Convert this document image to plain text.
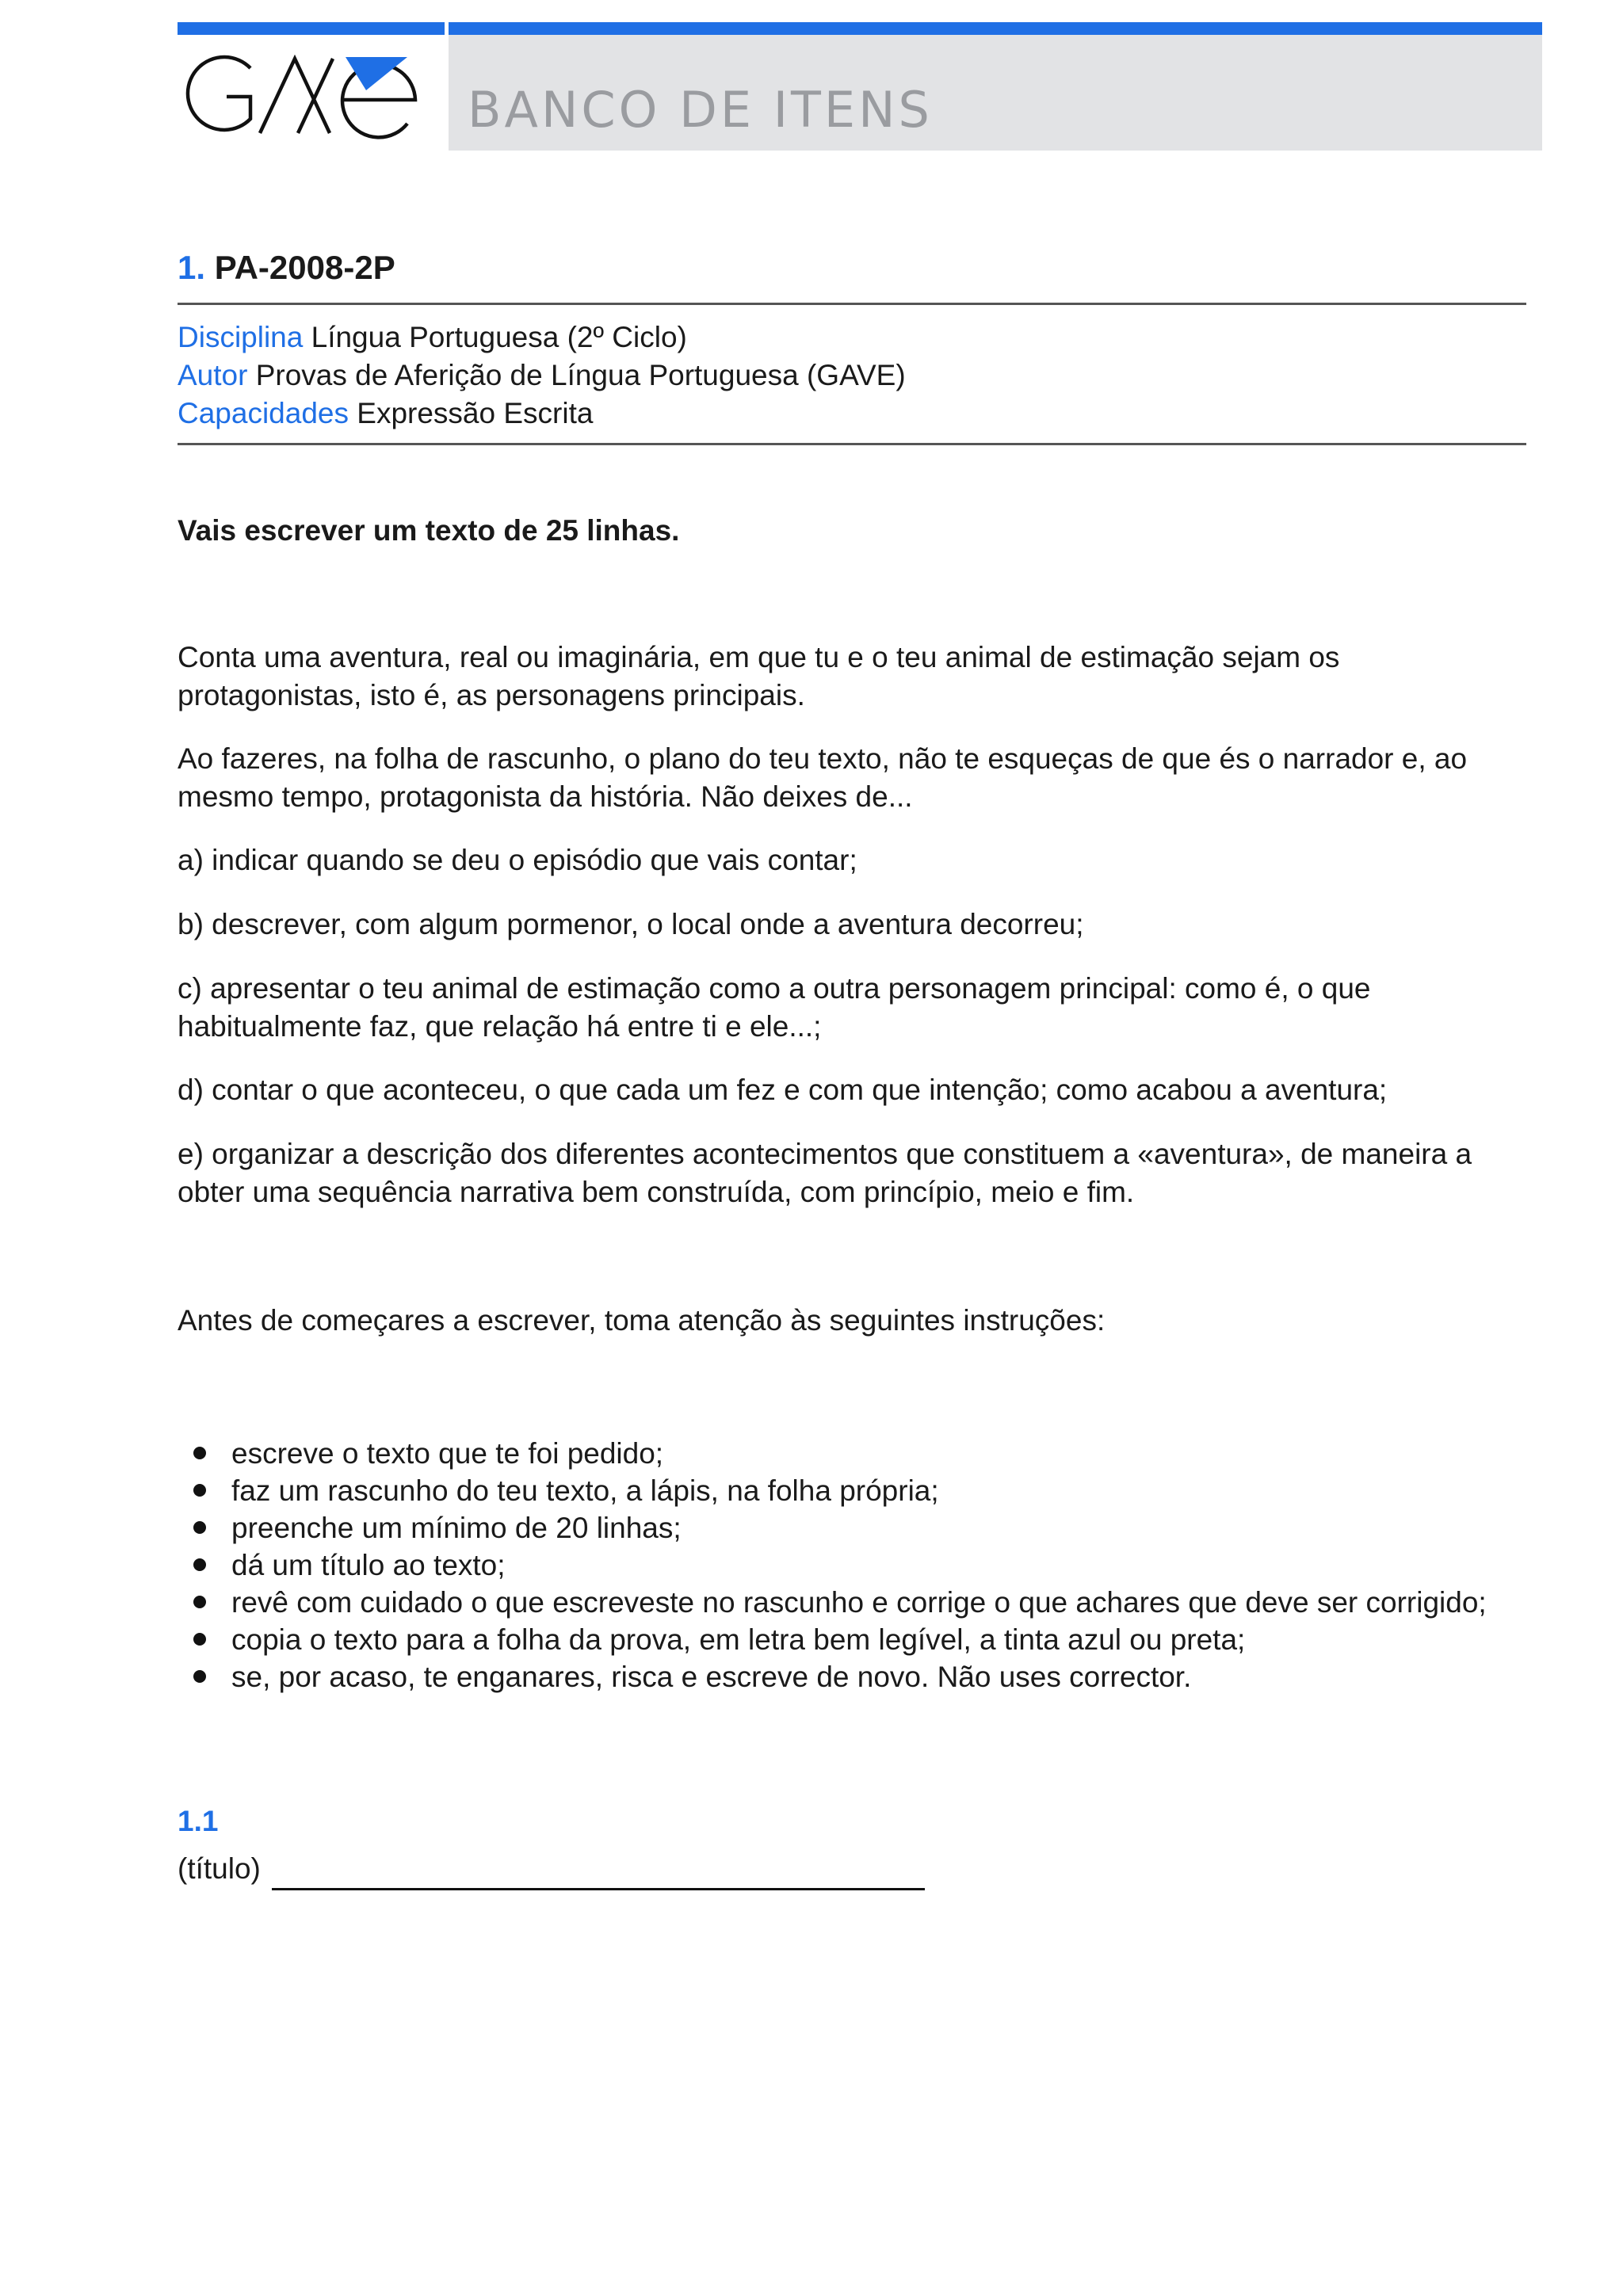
BANCO DE ITENS
1. PA-2008-2P
Disciplina Língua Portuguesa (2º Ciclo)
Autor Provas de Aferição de Língua Portuguesa (GAVE)
Capacidades Expressão Escrita
Vais escrever um texto de 25 linhas.
Conta uma aventura, real ou imaginária, em que tu e o teu animal de estimação sejam os protagonistas, isto é, as personagens principais.
Ao fazeres, na folha de rascunho, o plano do teu texto, não te esqueças de que és o narrador e, ao mesmo tempo, protagonista da história. Não deixes de...
a) indicar quando se deu o episódio que vais contar;
b) descrever, com algum pormenor, o local onde a aventura decorreu;
c) apresentar o teu animal de estimação como a outra personagem principal: como é, o que habitualmente faz, que relação há entre ti e ele...;
d) contar o que aconteceu, o que cada um fez e com que intenção; como acabou a aventura;
e) organizar a descrição dos diferentes acontecimentos que constituem a «aventura», de maneira a obter uma sequência narrativa bem construída, com princípio, meio e fim.
Antes de começares a escrever, toma atenção às seguintes instruções:
escreve o texto que te foi pedido;
faz um rascunho do teu texto, a lápis, na folha própria;
preenche um mínimo de 20 linhas;
dá um título ao texto;
revê com cuidado o que escreveste no rascunho e corrige o que achares que deve ser corrigido;
copia o texto para a folha da prova, em letra bem legível, a tinta azul ou preta;
se, por acaso, te enganares, risca e escreve de novo. Não uses corrector.
1.1
(título)
